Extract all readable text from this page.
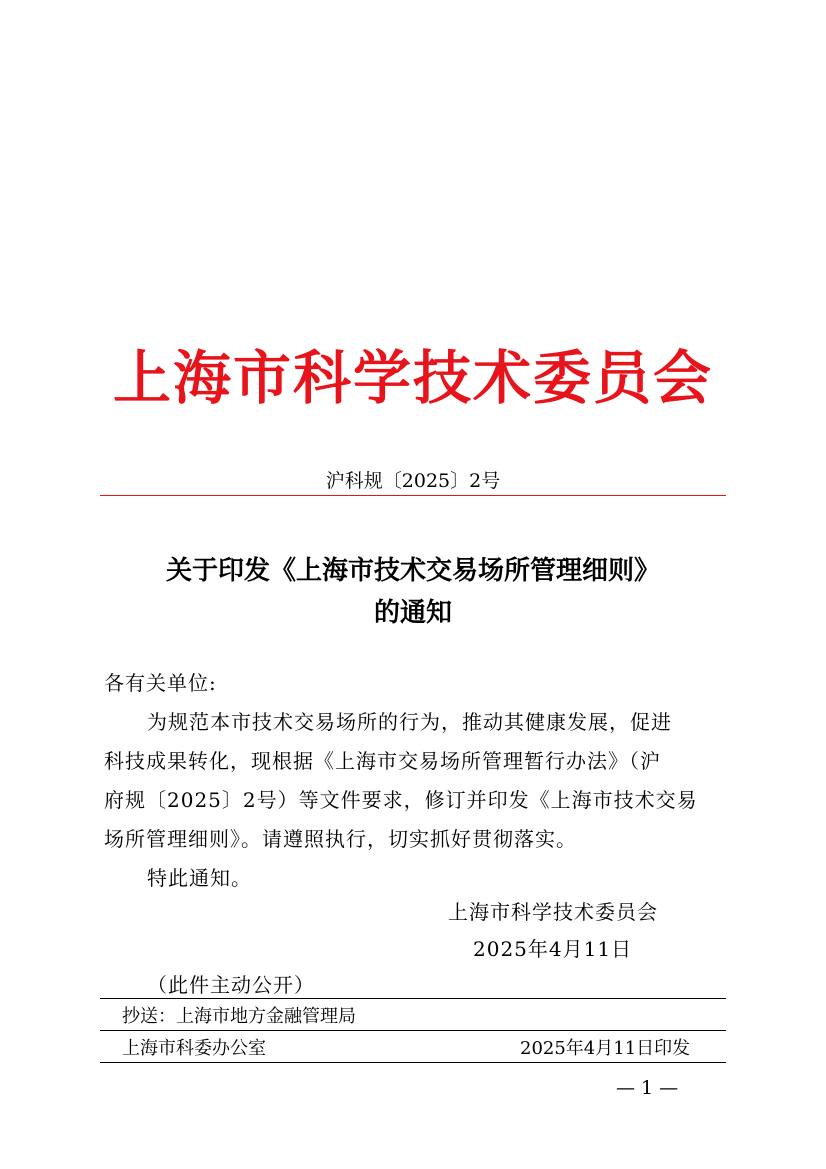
上海市科学技术委员会
沪科规〔2025〕2号
关于印发《上海市技术交易场所管理细则》
的通知
各有关单位:
为规范本市技术交易场所的行为，推动其健康发展，促进
科技成果转化，现根据《上海市交易场所管理暂行办法》（沪
府规〔2025〕2号）等文件要求，修订并印发《上海市技术交易
场所管理细则》。请遵照执行，切实抓好贯彻落实。
特此通知。
上海市科学技术委员会
2025年4月11日
（此件主动公开）
抄送：上海市地方金融管理局
上海市科委办公室	2025年4月11日印发
— 1 —
